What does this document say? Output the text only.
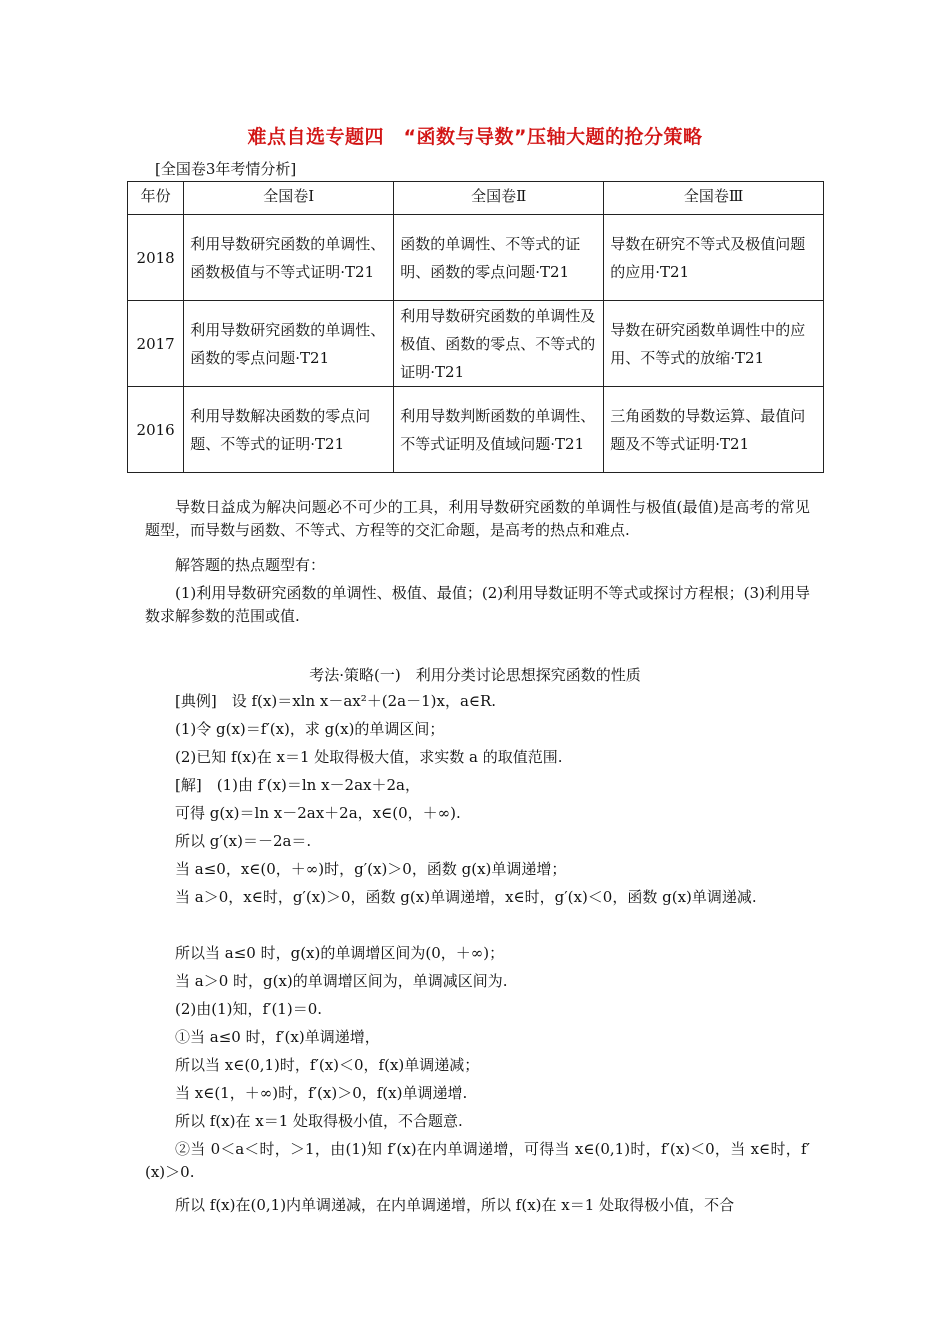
难点自选专题四　“函数与导数”压轴大题的抢分策略
[全国卷3年考情分析]
年份	全国卷Ⅰ	全国卷Ⅱ	全国卷Ⅲ
2018	利用导数研究函数的单调性、函数极值与不等式证明·T21	函数的单调性、不等式的证明、函数的零点问题·T21	导数在研究不等式及极值问题的应用·T21
2017	利用导数研究函数的单调性、函数的零点问题·T21	利用导数研究函数的单调性及极值、函数的零点、不等式的证明·T21	导数在研究函数单调性中的应用、不等式的放缩·T21
2016	利用导数解决函数的零点问题、不等式的证明·T21	利用导数判断函数的单调性、不等式证明及值域问题·T21	三角函数的导数运算、最值问题及不等式证明·T21

导数日益成为解决问题必不可少的工具，利用导数研究函数的单调性与极值(最值)是高考的常见题型，而导数与函数、不等式、方程等的交汇命题，是高考的热点和难点.

解答题的热点题型有：

(1)利用导数研究函数的单调性、极值、最值；(2)利用导数证明不等式或探讨方程根；(3)利用导数求解参数的范围或值.

考法·策略(一)　利用分类讨论思想探究函数的性质

[典例]　设 f(x)＝xln x－ax²＋(2a－1)x，a∈R.

(1)令 g(x)＝f′(x)，求 g(x)的单调区间；

(2)已知 f(x)在 x＝1 处取得极大值，求实数 a 的取值范围.

[解]　(1)由 f′(x)＝ln x－2ax＋2a，

可得 g(x)＝ln x－2ax＋2a，x∈(0，＋∞).

所以 g′(x)＝－2a＝.

当 a≤0，x∈(0，＋∞)时，g′(x)＞0，函数 g(x)单调递增；

当 a＞0，x∈时，g′(x)＞0，函数 g(x)单调递增，x∈时，g′(x)＜0，函数 g(x)单调递减.

所以当 a≤0 时，g(x)的单调增区间为(0，＋∞)；

当 a＞0 时，g(x)的单调增区间为，单调减区间为.

(2)由(1)知，f′(1)＝0.

①当 a≤0 时，f′(x)单调递增，

所以当 x∈(0,1)时，f′(x)＜0，f(x)单调递减；

当 x∈(1，＋∞)时，f′(x)＞0，f(x)单调递增.

所以 f(x)在 x＝1 处取得极小值，不合题意.

②当 0＜a＜时，＞1，由(1)知 f′(x)在内单调递增，可得当 x∈(0,1)时，f′(x)＜0，当 x∈时，f′(x)＞0.

所以 f(x)在(0,1)内单调递减，在内单调递增，所以 f(x)在 x＝1 处取得极小值，不合
